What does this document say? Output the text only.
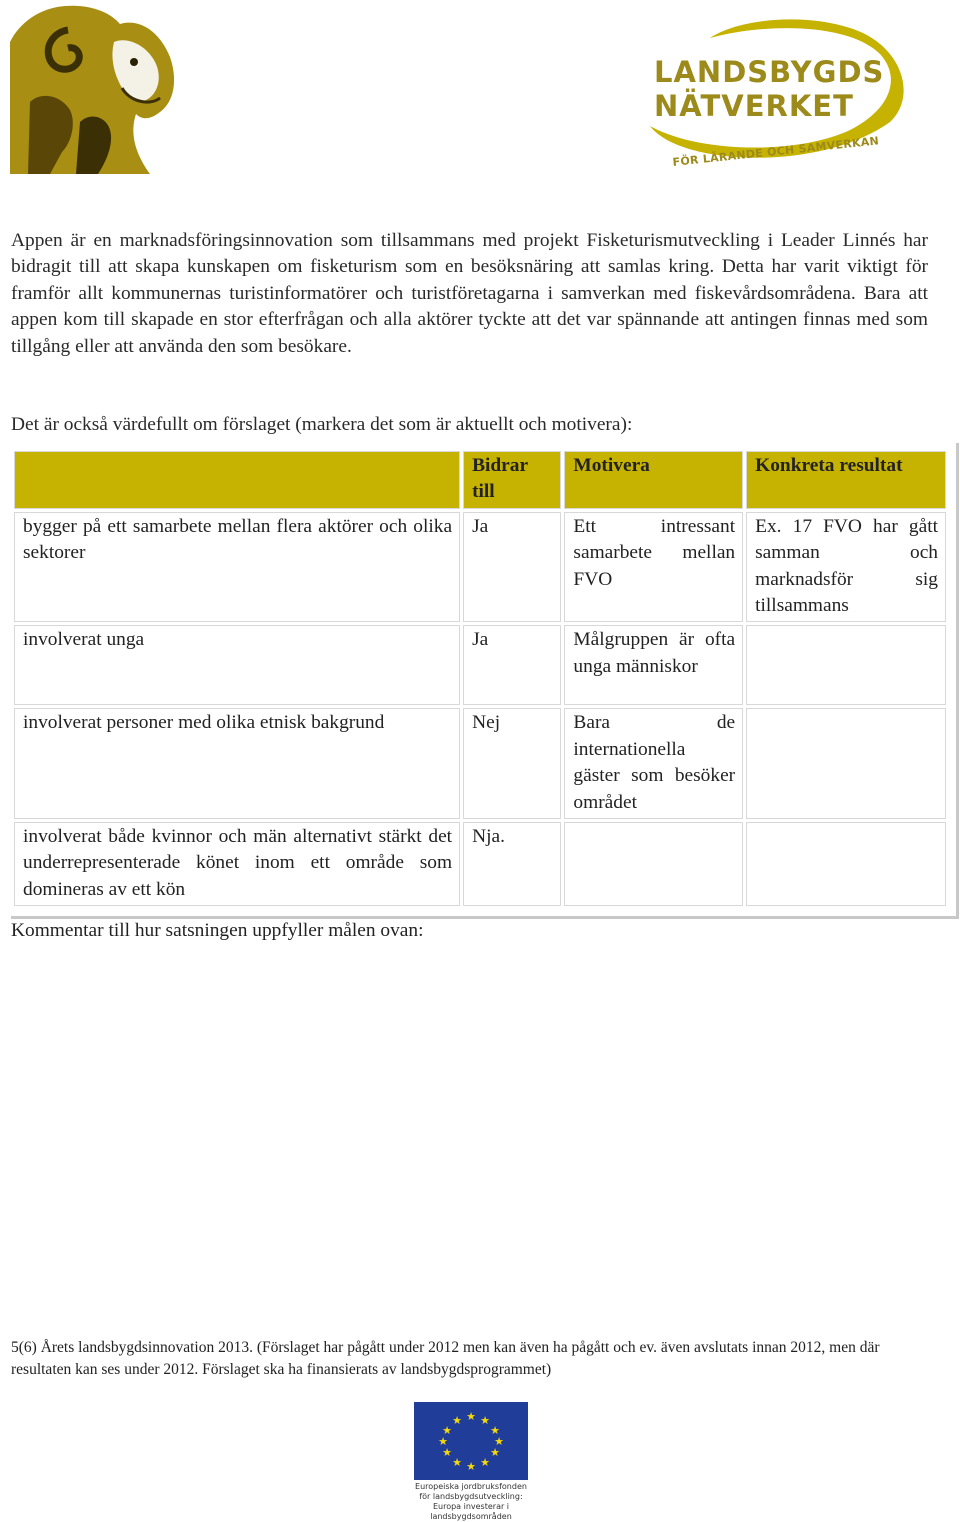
LANDSBYGDS
NÄTVERKET
FÖR LÄRANDE OCH SAMVERKAN
Appen är en marknadsföringsinnovation som tillsammans med projekt Fisketurismutveckling i Leader Linnés har bidragit till att skapa kunskapen om fisketurism som en besöksnäring att samlas kring. Detta har varit viktigt för framför allt kommunernas turistinformatörer och turistföretagarna i samverkan med fiskevårdsområdena. Bara att appen kom till skapade en stor efterfrågan och alla aktörer tyckte att det var spännande att antingen finnas med som tillgång eller att använda den som besökare.
Det är också värdefullt om förslaget (markera det som är aktuellt och motivera):
	Bidrar till	Motivera	Konkreta resultat
bygger på ett samarbete mellan flera aktörer och olika sektorer	Ja	Ett intressant samarbete mellan FVO	Ex. 17 FVO har gått samman och marknadsför sig tillsammans
involverat unga	Ja	Målgruppen är ofta unga människor	
involverat personer med olika etnisk bakgrund	Nej	Bara de internationella gäster som besöker området	
involverat både kvinnor och män alternativt stärkt det underrepresenterade könet inom ett område som domineras av ett kön	Nja.		
Kommentar till hur satsningen uppfyller målen ovan:
5(6) Årets landsbygdsinnovation 2013. (Förslaget har pågått under 2012 men kan även ha pågått och ev. även avslutats innan 2012, men där resultaten kan ses under 2012. Förslaget ska ha finansierats av landsbygdsprogrammet)
★ ★
★
★
★
★
★
★
★
★
★
★
Europeiska jordbruksfonden för landsbygdsutveckling: Europa investerar i landsbygdsområden
